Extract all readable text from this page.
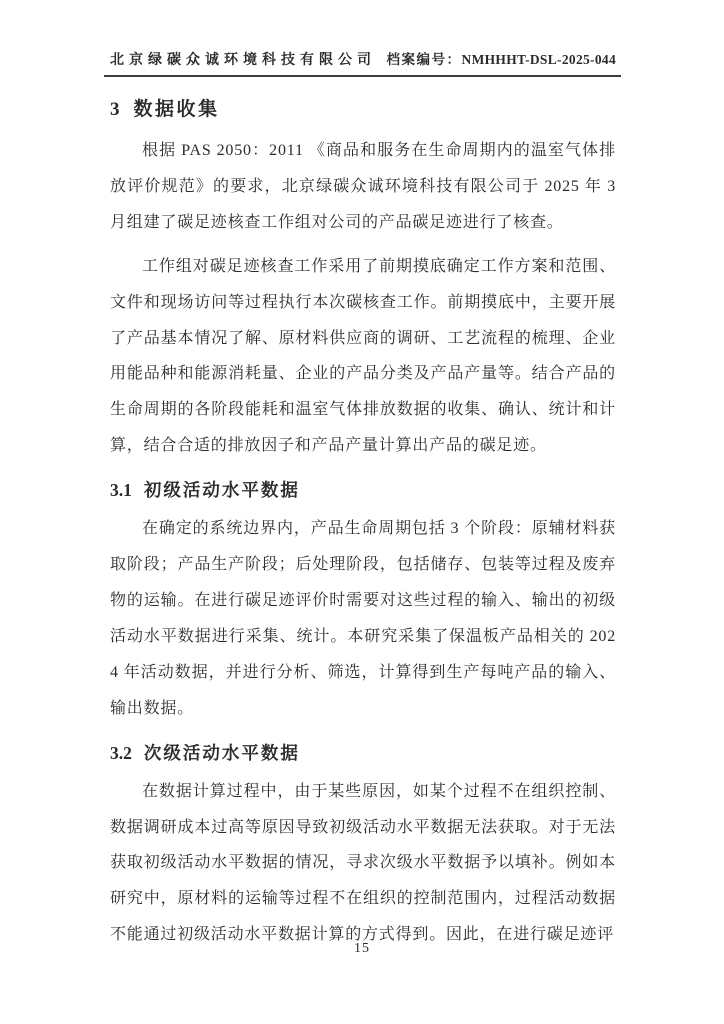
北京绿碳众诚环境科技有限公司 档案编号：NMHHHT-DSL-2025-044
3 数据收集

根据 PAS 2050：2011 《商品和服务在生命周期内的温室气体排放评价规范》的要求，北京绿碳众诚环境科技有限公司于 2025 年 3 月组建了碳足迹核查工作组对公司的产品碳足迹进行了核查。

工作组对碳足迹核查工作采用了前期摸底确定工作方案和范围、文件和现场访问等过程执行本次碳核查工作。前期摸底中，主要开展了产品基本情况了解、原材料供应商的调研、工艺流程的梳理、企业用能品种和能源消耗量、企业的产品分类及产品产量等。结合产品的生命周期的各阶段能耗和温室气体排放数据的收集、确认、统计和计算，结合合适的排放因子和产品产量计算出产品的碳足迹。

3.1 初级活动水平数据

在确定的系统边界内，产品生命周期包括 3 个阶段：原辅材料获取阶段；产品生产阶段；后处理阶段，包括储存、包装等过程及废弃物的运输。在进行碳足迹评价时需要对这些过程的输入、输出的初级活动水平数据进行采集、统计。本研究采集了保温板产品相关的 2024 年活动数据，并进行分析、筛选，计算得到生产每吨产品的输入、输出数据。

3.2 次级活动水平数据

在数据计算过程中，由于某些原因，如某个过程不在组织控制、数据调研成本过高等原因导致初级活动水平数据无法获取。对于无法获取初级活动水平数据的情况，寻求次级水平数据予以填补。例如本研究中，原材料的运输等过程不在组织的控制范围内，过程活动数据不能通过初级活动水平数据计算的方式得到。因此，在进行碳足迹评

15
